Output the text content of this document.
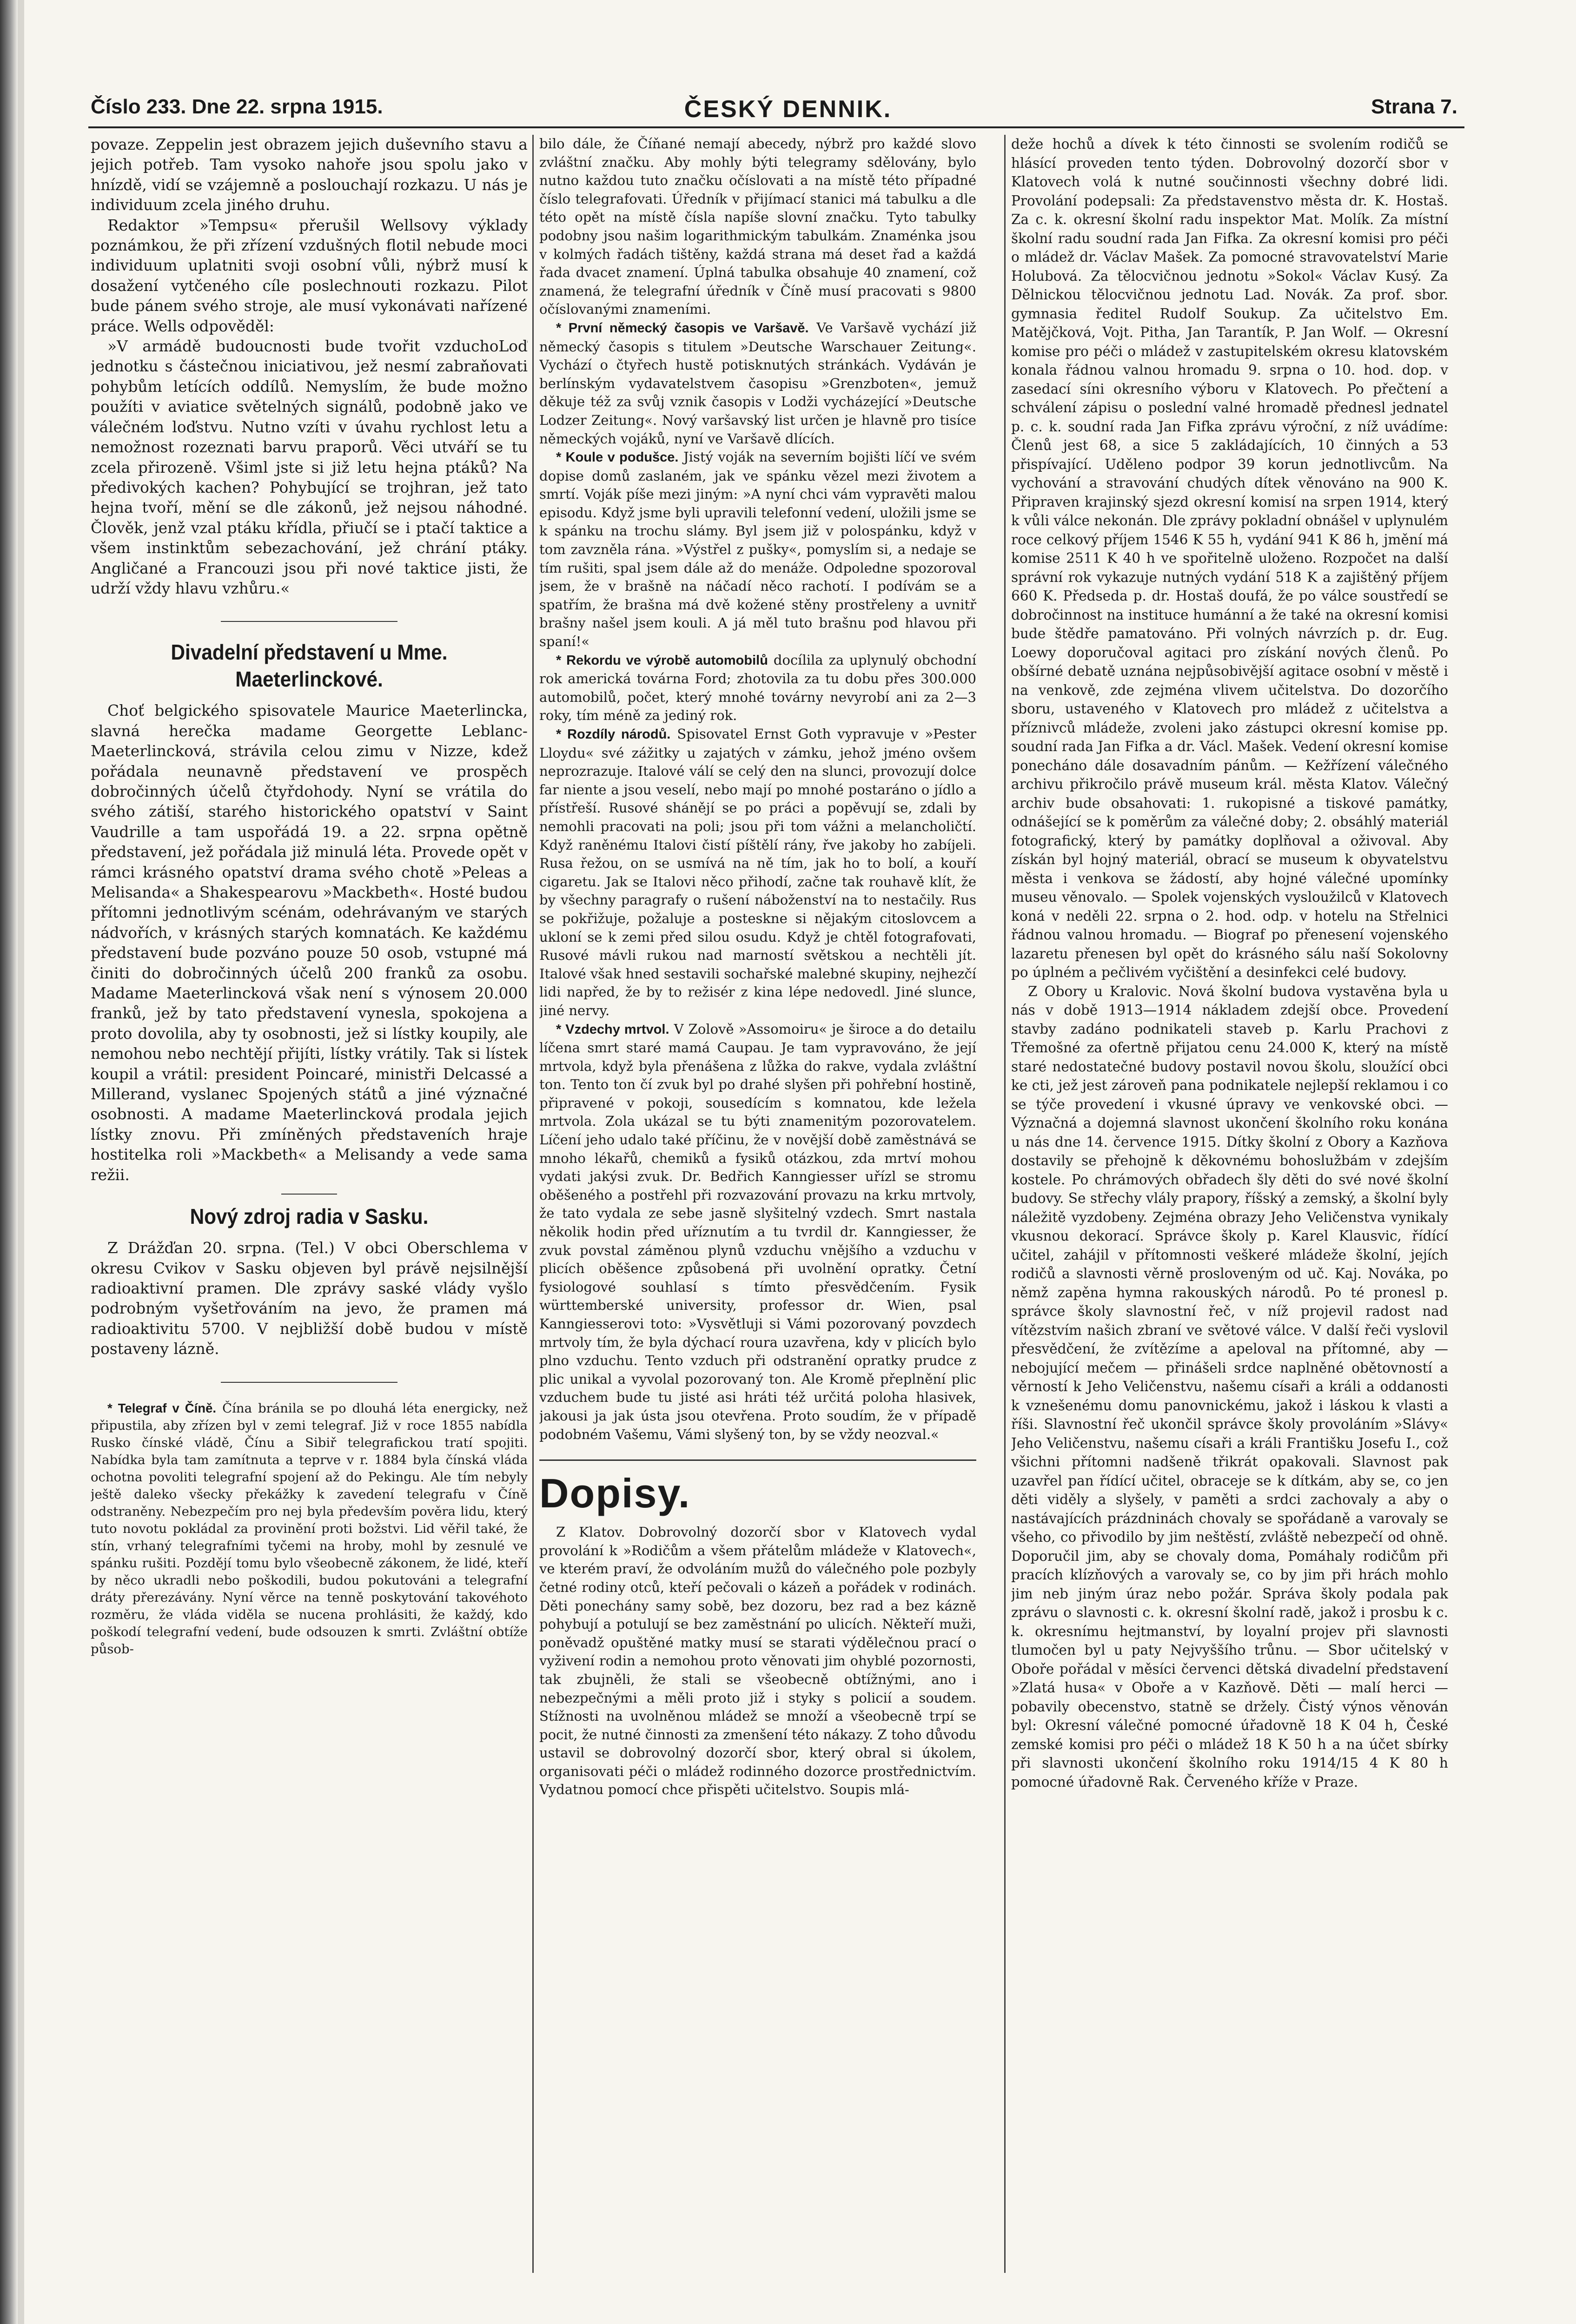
Číslo 233. Dne 22. srpna 1915.	ČESKÝ DENNIK.	Strana 7.

povaze. Zeppelin jest obrazem jejich duševního stavu a jejich potřeb. Tam vysoko nahoře jsou spolu jako v hnízdě, vidí se vzájemně a poslouchají rozkazu. U nás je individuum zcela jiného druhu.

Redaktor »Tempsu« přerušil Wellsovy výklady poznámkou, že při zřízení vzdušných flotil nebude moci individuum uplatniti svoji osobní vůli, nýbrž musí k dosažení vytčeného cíle poslechnouti rozkazu. Pilot bude pánem svého stroje, ale musí vykonávati nařízené práce. Wells odpověděl:

»V armádě budoucnosti bude tvořit vzduchoLoď jednotku s částečnou iniciativou, jež nesmí zabraňovati pohybům letících oddílů. Nemyslím, že bude možno použíti v aviatice světelných signálů, podobně jako ve válečném loďstvu. Nutno vzíti v úvahu rychlost letu a nemožnost rozeznati barvu praporů. Věci utváří se tu zcela přirozeně. Všiml jste si již letu hejna ptáků? Na předivokých kachen? Pohybující se trojhran, jež tato hejna tvoří, mění se dle zákonů, jež nejsou náhodné. Člověk, jenž vzal ptáku křídla, přiučí se i ptačí taktice a všem instinktům sebezachování, jež chrání ptáky. Angličané a Francouzi jsou při nové taktice jisti, že udrží vždy hlavu vzhůru.«

Divadelní představení u Mme. Maeterlinckové.

Choť belgického spisovatele Maurice Maeterlincka, slavná herečka madame Georgette Leblanc-Maeterlincková, strávila celou zimu v Nizze, kdež pořádala neunavně představení ve prospěch dobročinných účelů čtyřdohody. Nyní se vrátila do svého zátiší, starého historického opatství v Saint Vaudrille a tam uspořádá 19. a 22. srpna opětně představení, jež pořádala již minulá léta. Provede opět v rámci krásného opatství drama svého chotě »Peleas a Melisanda« a Shakespearovu »Mackbeth«. Hosté budou přítomni jednotlivým scénám, odehrávaným ve starých nádvořích, v krásných starých komnatách. Ke každému představení bude pozváno pouze 50 osob, vstupné má činiti do dobročinných účelů 200 franků za osobu. Madame Maeterlincková však není s výnosem 20.000 franků, jež by tato představení vynesla, spokojena a proto dovolila, aby ty osobnosti, jež si lístky koupily, ale nemohou nebo nechtějí přijíti, lístky vrátily. Tak si lístek koupil a vrátil: president Poincaré, ministři Delcassé a Millerand, vyslanec Spojených států a jiné význačné osobnosti. A madame Maeterlincková prodala jejich lístky znovu. Při zmíněných představeních hraje hostitelka roli »Mackbeth« a Melisandy a vede sama režii.

Nový zdroj radia v Sasku.

Z Drážďan 20. srpna. (Tel.) V obci Oberschlema v okresu Cvikov v Sasku objeven byl právě nejsilnější radioaktivní pramen. Dle zprávy saské vlády vyšlo podrobným vyšetřováním na jevo, že pramen má radioaktivitu 5700. V nejbližší době budou v místě postaveny lázně.

* Telegraf v Číně. Čína bránila se po dlouhá léta energicky, než připustila, aby zřízen byl v zemi telegraf. Již v roce 1855 nabídla Rusko čínské vládě, Čínu a Sibiř telegrafickou tratí spojiti. Nabídka byla tam zamítnuta a teprve v r. 1884 byla čínská vláda ochotna povoliti telegrafní spojení až do Pekingu. Ale tím nebyly ještě dalekо všecky překážky k zavedení telegrafu v Číně odstraněny. Nebezpečím pro nej byla především pověra lidu, který tuto novotu pokládal za provinění proti božstvi. Lid věřil také, že stín, vrhaný telegrafními tyčemi na hroby, mohl by zesnulé ve spánku rušiti. Pozdějí tomu bylo všeobecně zákonem, že lidé, kteří by něco ukradli nebo poškodili, budou pokutováni a telegrafní dráty přerezávány. Nyní věrce na tenně poskytování takovéhoto rozměru, že vláda viděla se nucena prohlásiti, že každý, kdo poškodí telegrafní vedení, bude odsouzen k smrti. Zvláštní obtíže působ-

bilo dále, že Číňané nemají abecedy, nýbrž pro každé slovo zvláštní značku. Aby mohly býti telegramy sdělovány, bylo nutno každou tuto značku očíslovati a na místě této případné číslo telegrafovati. Úředník v přijímací stanici má tabulku a dle této opět na místě čísla napíše slovní značku. Tyto tabulky podobny jsou našim logarithmickým tabulkám. Znaménka jsou v kolmých řadách tištěny, každá strana má deset řad a každá řada dvacet znamení. Úplná tabulka obsahuje 40 znamení, což znamená, že telegrafní úředník v Číně musí pracovati s 9800 očíslovanými znameními.

* První německý časopis ve Varšavě. Ve Varšavě vychází již německý časopis s titulem »Deutsche Warschauer Zeitung«. Vychází o čtyřech hustě potisknutých stránkách. Vydáván je berlínským vydavatelstvem časopisu »Grenzboten«, jemuž děkuje též za svůj vznik časopis v Lodži vycházející »Deutsche Lodzer Zeitung«. Nový varšavský list určen je hlavně pro tisíce německých vojáků, nyní ve Varšavě dlících.

* Koule v podušce. Jistý voják na severním bojišti líčí ve svém dopise domů zaslaném, jak ve spánku vězel mezi životem a smrtí. Voják píše mezi jiným: »A nyní chci vám vypravěti malou episodu. Když jsme byli upravili telefonní vedení, uložili jsme se k spánku na trochu slámy. Byl jsem již v polospánku, když v tom zavzněla rána. »Výstřel z pušky«, pomyslím si, a nedaje se tím rušiti, spal jsem dále až do menáže. Odpoledne spozoroval jsem, že v brašně na náčadí něco rachotí. I podívám se a spatřím, že brašna má dvě kožené stěny prostřeleny a uvnitř brašny našel jsem kouli. A já měl tuto brašnu pod hlavou při spaní!«

* Rekordu ve výrobě automobilů docílila za uplynulý obchodní rok americká továrna Ford; zhotovila za tu dobu přes 300.000 automobilů, počet, který mnohé továrny nevyrobí ani za 2—3 roky, tím méně za jediný rok.

* Rozdíly národů. Spisovatel Ernst Goth vypravuje v »Pester Lloydu« své zážitky u zajatých v zámku, jehož jméno ovšem neprozrazuje. Italové válí se celý den na slunci, provozují dolce far niente a jsou veselí, nebo mají po mnohé postaráno o jídlo a přístřeší. Rusové shánějí se po práci a popěvují se, zdali by nemohli pracovati na poli; jsou při tom vážni a melancholičtí. Když raněnému Italovi čistí píštělí rány, řve jakoby ho zabíjeli. Rusa řežou, on se usmívá na ně tím, jak ho to bolí, a kouří cigaretu. Jak se Italovi něco přihodí, začne tak rouhavě klít, že by všechny paragrafy o rušení náboženství na to nestačily. Rus se pokřižuje, požaluje a posteskne si nějakým citoslovcem a ukloní se k zemi před silou osudu. Když je chtěl fotografovati, Rusové mávli rukou nad marností světskou a nechtěli jít. Italové však hned sestavili sochařské malebné skupiny, nejhezčí lidi napřed, že by to režisér z kina lépe nedovedl. Jiné slunce, jiné nervy.

* Vzdechy mrtvol. V Zolově »Assomoiru« je široce a do detailu líčena smrt staré mamá Caupau. Je tam vypravováno, že její mrtvola, když byla přenášena z lůžka do rakve, vydala zvláštní ton. Tento ton čí zvuk byl po drahé slyšen při pohřební hostině, připravené v pokoji, sousedícím s komnatou, kde ležela mrtvola. Zola ukázal se tu býti znamenitým pozorovatelem. Líčení jeho udalo také příčinu, že v novější době zaměstnává se mnoho lékařů, chemiků a fysiků otázkou, zda mrtví mohou vydati jakýsi zvuk. Dr. Bedřich Kanngiesser uřízl se stromu oběšeného a postřehl při rozvazování provazu na krku mrtvoly, že tato vydala ze sebe jasně slyšitelný vzdech. Smrt nastala několik hodin před uříznutím a tu tvrdil dr. Kanngiesser, že zvuk povstal záměnou plynů vzduchu vnějšího a vzduchu v plicích oběšence způsobená při uvolnění opratky. Četní fysiologové souhlasí s tímto přesvědčením. Fysik württemberské university, professor dr. Wien, psal Kanngiesserovi toto: »Vysvětluji si Vámi pozorovaný povzdech mrtvoly tím, že byla dýchací roura uzavřena, kdy v plicích bylo plno vzduchu. Tento vzduch při odstranění opratky prudce z plic unikal a vyvolal pozorovaný ton. Ale Kromě přeplnění plic vzduchem bude tu jisté asi hráti též určitá poloha hlasivek, jakousi ja jak ústa jsou otevřena. Proto soudím, že v případě podobném Vašemu, Vámi slyšený ton, by se vždy neozval.«

Dopisy.

Z Klatov. Dobrovolný dozorčí sbor v Klatovech vydal provolání k »Rodičům a všem přátelům mládeže v Klatovech«, ve kterém praví, že odvoláním mužů do válečného pole pozbyly četné rodiny otců, kteří pečovali o kázeň a pořádek v rodinách. Děti ponechány samy sobě, bez dozoru, bez rad a bez kázně pohybují a potulují se bez zaměstnání po ulicích. Někteří muži, poněvadž opuštěné matky musí se starati výdělečnou prací o vyživení rodin a nemohou proto věnovati jim ohyblé pozornosti, tak zbujněli, že stali se všeobecně obtížnými, ano i nebezpečnými a měli proto již i styky s policií a soudem. Stížnosti na uvolněnou mládež se množí a všeobecně trpí se pocit, že nutné činnosti za zmenšení této nákazy. Z toho důvodu ustavil se dobrovolný dozorčí sbor, který obral si úkolem, organisovati péči o mládež rodinného dozorce prostřednictvím. Vydatnou pomocí chce přispěti učitelstvo. Soupis mlá-

deže hochů a dívek k této činnosti se svolením rodičů se hlásící proveden tento týden. Dobrovolný dozorčí sbor v Klatovech volá k nutné součinnosti všechny dobré lidi. Provolání podepsali: Za představenstvo města dr. K. Hostaš. Za c. k. okresní školní radu inspektor Mat. Molík. Za místní školní radu soudní rada Jan Fifka. Za okresní komisi pro péči o mládež dr. Václav Mašek. Za pomocné stravovatelství Marie Holubová. Za tělocvičnou jednotu »Sokol« Václav Kusý. Za Dělnickou tělocvičnou jednotu Lad. Novák. Za prof. sbor. gymnasia ředitel Rudolf Soukup. Za učitelstvo Em. Matějčková, Vojt. Pitha, Jan Tarantík, P. Jan Wolf. — Okresní komise pro péči o mládež v zastupitelském okresu klatovském konala řádnou valnou hromadu 9. srpna o 10. hod. dop. v zasedací síni okresního výboru v Klatovech. Po přečtení a schválení zápisu o poslední valné hromadě přednesl jednatel p. c. k. soudní rada Jan Fifka zprávu výroční, z níž uvádíme: Členů jest 68, a sice 5 zakládajících, 10 činných a 53 přispívající. Uděleno podpor 39 korun jednotlivcům. Na vychování a stravování chudých dítek věnováno na 900 K. Připraven krajinský sjezd okresní komisí na srpen 1914, který k vůli válce nekonán. Dle zprávy pokladní obnášel v uplynulém roce celkový příjem 1546 K 55 h, vydání 941 K 86 h, jmění má komise 2511 K 40 h ve spořitelně uloženo. Rozpočet na další správní rok vykazuje nutných vydání 518 K a zajištěný příjem 660 K. Předseda p. dr. Hostaš doufá, že po válce soustředí se dobročinnost na instituce humánní a že také na okresní komisi bude štědře pamatováno. Při volných návrzích p. dr. Eug. Loewy doporučoval agitaci pro získání nových členů. Po obšírné debatě uznána nejpůsobivější agitace osobní v městě i na venkově, zde zejména vlivem učitelstva. Do dozorčího sboru, ustaveného v Klatovech pro mládež z učitelstva a příznivců mládeže, zvoleni jako zástupci okresní komise pp. soudní rada Jan Fifka a dr. Václ. Mašek. Vedení okresní komise ponecháno dále dosavadním pánům. — Kežřízení válečného archivu přikročilo právě museum král. města Klatov. Válečný archiv bude obsahovati: 1. rukopisné a tiskové památky, odnášející se k poměrům za válečné doby; 2. obsáhlý materiál fotografický, který by památky doplňoval a oživoval. Aby získán byl hojný materiál, obrací se museum k obyvatelstvu města i venkova se žádostí, aby hojné válečné upomínky museu věnovalo. — Spolek vojenských vysloužilců v Klatovech koná v neděli 22. srpna o 2. hod. odp. v hotelu na Střelnici řádnou valnou hromadu. — Biograf po přenesení vojenského lazaretu přenesen byl opět do krásného sálu naší Sokolovny po úplném a pečlivém vyčištění a desinfekci celé budovy.

Z Obory u Kralovic. Nová školní budova vystavěna byla u nás v době 1913—1914 nákladem zdejší obce. Provedení stavby zadáno podnikateli staveb p. Karlu Prachovi z Třemošné za ofertně přijatou cenu 24.000 K, který na místě staré nedostatečné budovy postavil novou školu, sloužící obci ke cti, jež jest zároveň pana podnikatele nejlepší reklamou i co se týče provedení i vkusné úpravy ve venkovské obci. — Význačná a dojemná slavnost ukončení školního roku konána u nás dne 14. července 1915. Dítky školní z Obory a Kazňova dostavily se přehojně k děkovnému bohoslužbám v zdejším kostele. Po chrámových obřadech šly děti do své nové školní budovy. Se střechy vlály prapory, říšský a zemský, a školní byly náležitě vyzdobeny. Zejména obrazy Jeho Veličenstva vynikaly vkusnou dekorací. Správce školy p. Karel Klausvic, řídící učitel, zahájil v přítomnosti veškeré mládeže školní, jejích rodičů a slavnosti věrně prosloveným od uč. Kaj. Nováka, po němž zapěna hymna rakouských národů. Po té pronesl p. správce školy slavnostní řeč, v níž projevil radost nad vítězstvím našich zbraní ve světové válce. V další řeči vyslovil přesvědčení, že zvítězíme a apeloval na přítomné, aby — nebojující mečem — přinášeli srdce naplněné obětovností a věrností k Jeho Veličenstvu, našemu císaři a králi a oddanosti k vznešenému domu panovnickému, jakož i láskou k vlasti a říši. Slavnostní řeč ukončil správce školy provoláním »Slávy« Jeho Veličenstvu, našemu císaři a králi Františku Josefu I., což všichni přítomni nadšeně třikrát opakovali. Slavnost pak uzavřel pan řídící učitel, obraceje se k dítkám, aby se, co jen děti viděly a slyšely, v paměti a srdci zachovaly a aby o nastávajících prázdninách chovaly se spořádaně a varovaly se všeho, co přivodilo by jim neštěstí, zvláště nebezpečí od ohně. Doporučil jim, aby se chovaly doma, Pomáhaly rodičům při pracích klízňových a varovaly se, co by jim při hrách mohlo jim neb jiným úraz nebo požár. Správa školy podala pak zprávu o slavnosti c. k. okresní školní radě, jakož i prosbu k c. k. okresnímu hejtmanství, by loyalní projev při slavnosti tlumočen byl u paty Nejvyššího trůnu. — Sbor učitelský v Oboře pořádal v měsíci červenci dětská divadelní představení »Zlatá husa« v Oboře a v Kazňově. Děti — malí herci — pobavily obecenstvo, statně se držely. Čistý výnos věnován byl: Okresní válečné pomocné úřadovně 18 K 04 h, České zemské komisi pro péči o mládež 18 K 50 h a na účet sbírky při slavnosti ukončení školního roku 1914/15 4 K 80 h pomocné úřadovně Rak. Červeného kříže v Praze.
